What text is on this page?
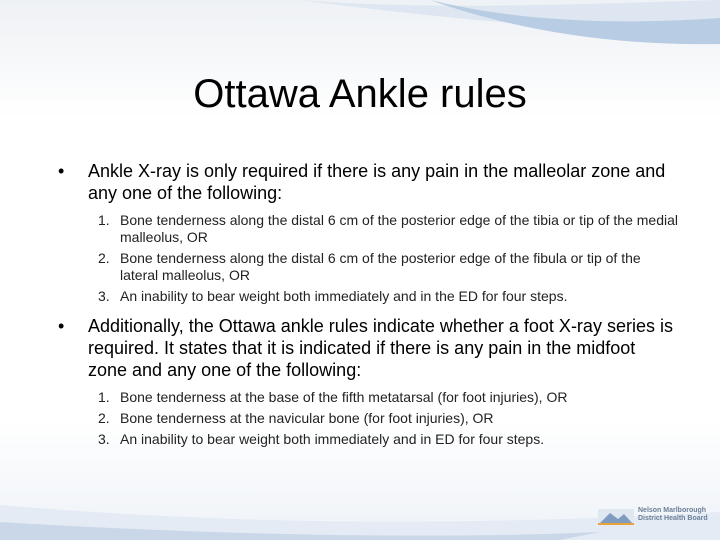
Ottawa Ankle rules
•	Ankle X-ray is only required if there is any pain in the malleolar zone and any one of the following:
1. Bone tenderness along the distal 6 cm of the posterior edge of the tibia or tip of the medial malleolus, OR
2. Bone tenderness along the distal 6 cm of the posterior edge of the fibula or tip of the lateral malleolus, OR
3. An inability to bear weight both immediately and in the ED for four steps.
•	Additionally, the Ottawa ankle rules indicate whether a foot X-ray series is required. It states that it is indicated if there is any pain in the midfoot zone and any one of the following:
1. Bone tenderness at the base of the fifth metatarsal (for foot injuries), OR
2. Bone tenderness at the navicular bone (for foot injuries), OR
3. An inability to bear weight both immediately and in ED for four steps.
Nelson Marlborough
District Health Board
